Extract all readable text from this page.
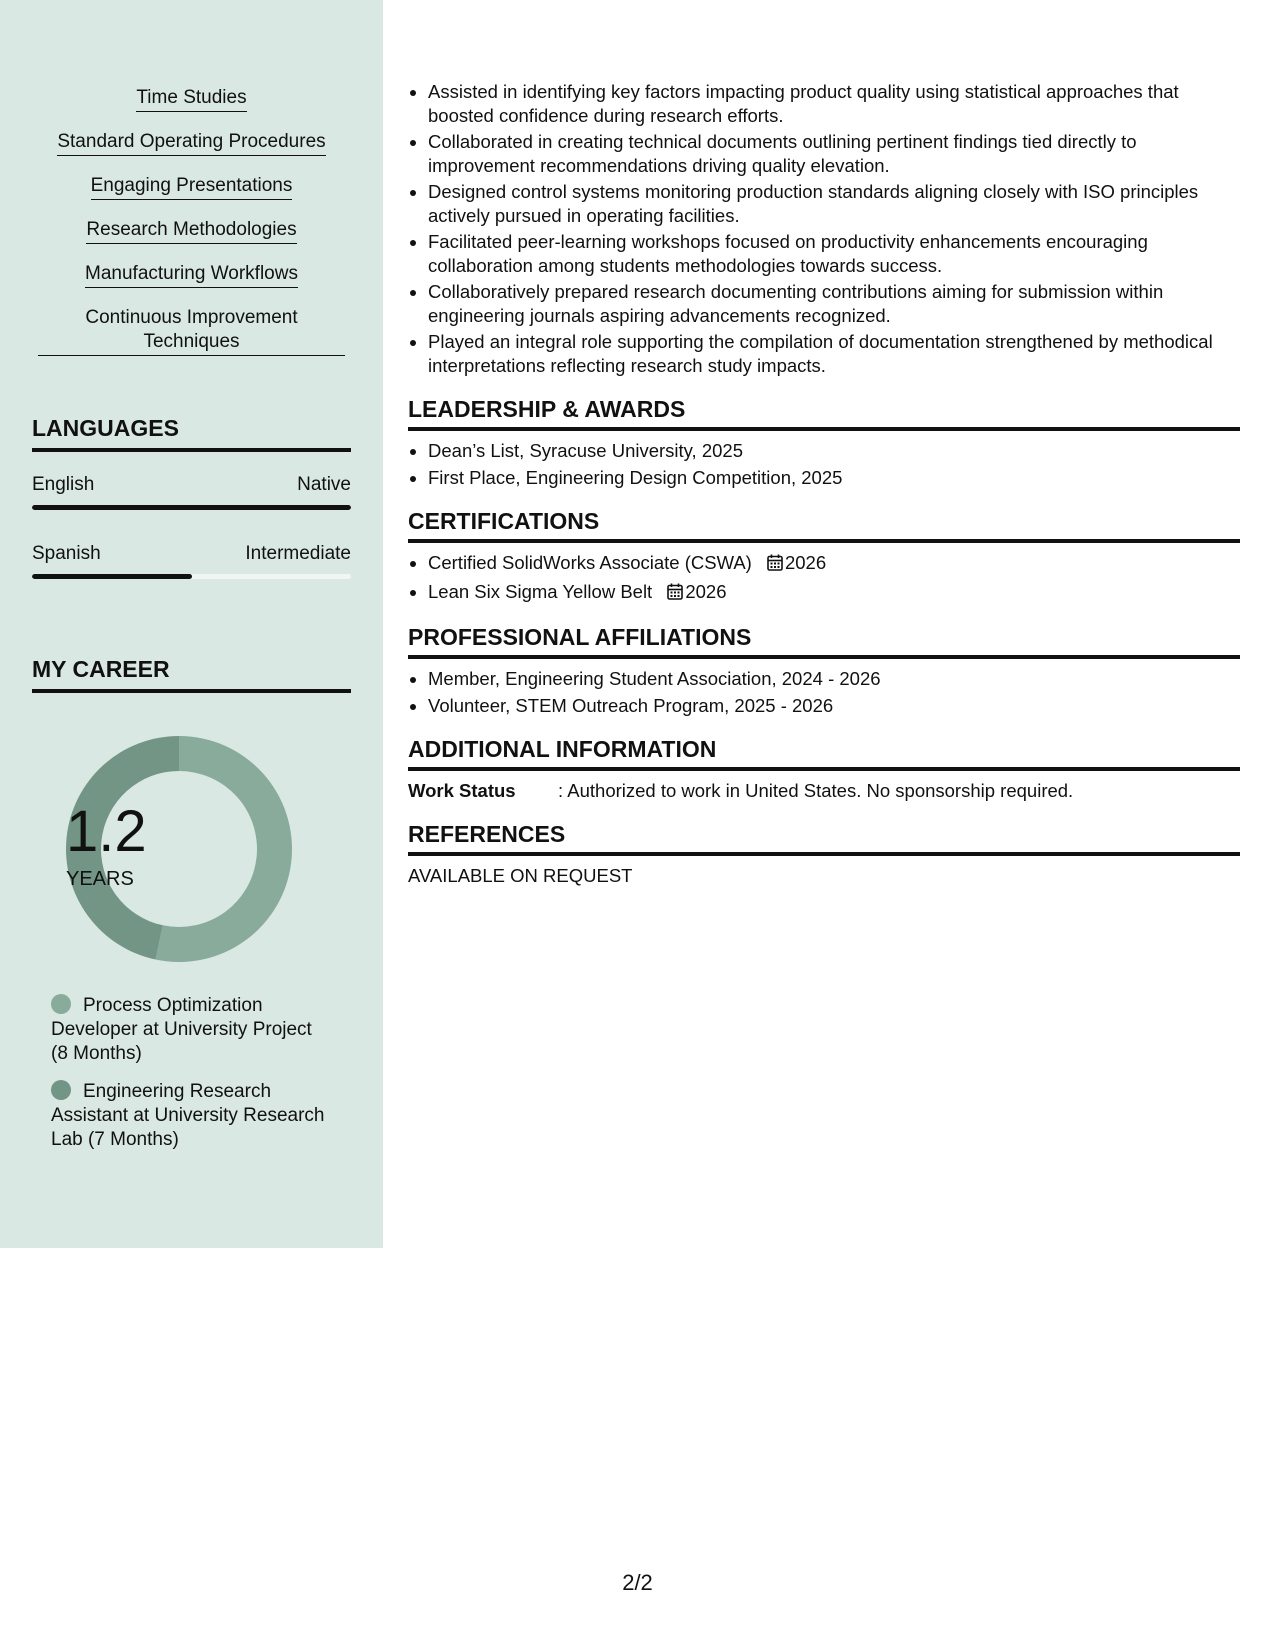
Time Studies
Standard Operating Procedures
Engaging Presentations
Research Methodologies
Manufacturing Workflows
Continuous Improvement Techniques
LANGUAGES
English	Native
Spanish	Intermediate
MY CAREER
1.2
YEARS
Process Optimization Developer at University Project (8 Months)
Engineering Research Assistant at University Research Lab (7 Months)
• Assisted in identifying key factors impacting product quality using statistical approaches that boosted confidence during research efforts.
• Collaborated in creating technical documents outlining pertinent findings tied directly to improvement recommendations driving quality elevation.
• Designed control systems monitoring production standards aligning closely with ISO principles actively pursued in operating facilities.
• Facilitated peer-learning workshops focused on productivity enhancements encouraging collaboration among students methodologies towards success.
• Collaboratively prepared research documenting contributions aiming for submission within engineering journals aspiring advancements recognized.
• Played an integral role supporting the compilation of documentation strengthened by methodical interpretations reflecting research study impacts.
LEADERSHIP & AWARDS
• Dean’s List, Syracuse University, 2025
• First Place, Engineering Design Competition, 2025
CERTIFICATIONS
• Certified SolidWorks Associate (CSWA) 2026
• Lean Six Sigma Yellow Belt 2026
PROFESSIONAL AFFILIATIONS
• Member, Engineering Student Association, 2024 - 2026
• Volunteer, STEM Outreach Program, 2025 - 2026
ADDITIONAL INFORMATION
Work Status	: Authorized to work in United States. No sponsorship required.
REFERENCES
AVAILABLE ON REQUEST
2/2
